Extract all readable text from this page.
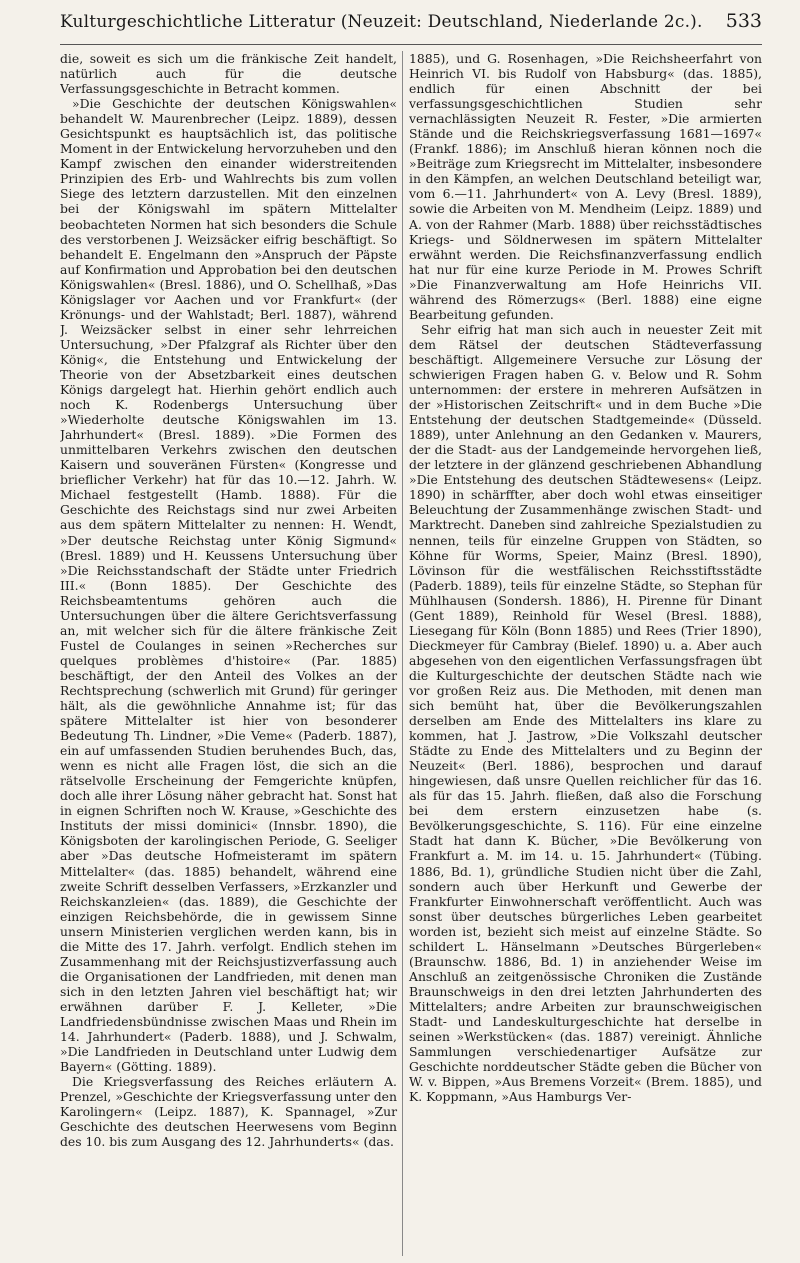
Kulturgeschichtliche Litteratur (Neuzeit: Deutschland, Niederlande 2c.). 533

die, soweit es sich um die fränkische Zeit handelt, natürlich auch für die deutsche Verfassungsgeschichte in Betracht kommen.

»Die Geschichte der deutschen Königswahlen« behandelt W. Maurenbrecher (Leipz. 1889), dessen Gesichtspunkt es hauptsächlich ist, das politische Moment in der Entwickelung hervorzuheben und den Kampf zwischen den einander widerstreitenden Prinzipien des Erb- und Wahlrechts bis zum vollen Siege des letztern darzustellen. Mit den einzelnen bei der Königswahl im spätern Mittelalter beobachteten Normen hat sich besonders die Schule des verstorbenen J. Weizsäcker eifrig beschäftigt. So behandelt E. Engelmann den »Anspruch der Päpste auf Konfirmation und Approbation bei den deutschen Königswahlen« (Bresl. 1886), und O. Schellhaß, »Das Königslager vor Aachen und vor Frankfurt« (der Krönungs- und der Wahlstadt; Berl. 1887), während J. Weizsäcker selbst in einer sehr lehrreichen Untersuchung, »Der Pfalzgraf als Richter über den König«, die Entstehung und Entwickelung der Theorie von der Absetzbarkeit eines deutschen Königs dargelegt hat. Hierhin gehört endlich auch noch K. Rodenbergs Untersuchung über »Wiederholte deutsche Königswahlen im 13. Jahrhundert« (Bresl. 1889). »Die Formen des unmittelbaren Verkehrs zwischen den deutschen Kaisern und souveränen Fürsten« (Kongresse und brieflicher Verkehr) hat für das 10.—12. Jahrh. W. Michael festgestellt (Hamb. 1888). Für die Geschichte des Reichstags sind nur zwei Arbeiten aus dem spätern Mittelalter zu nennen: H. Wendt, »Der deutsche Reichstag unter König Sigmund« (Bresl. 1889) und H. Keussens Untersuchung über »Die Reichsstandschaft der Städte unter Friedrich III.« (Bonn 1885). Der Geschichte des Reichsbeamtentums gehören auch die Untersuchungen über die ältere Gerichtsverfassung an, mit welcher sich für die ältere fränkische Zeit Fustel de Coulanges in seinen »Recherches sur quelques problèmes d'histoire« (Par. 1885) beschäftigt, der den Anteil des Volkes an der Rechtsprechung (schwerlich mit Grund) für geringer hält, als die gewöhnliche Annahme ist; für das spätere Mittelalter ist hier von besonderer Bedeutung Th. Lindner, »Die Veme« (Paderb. 1887), ein auf umfassenden Studien beruhendes Buch, das, wenn es nicht alle Fragen löst, die sich an die rätselvolle Erscheinung der Femgerichte knüpfen, doch alle ihrer Lösung näher gebracht hat. Sonst hat in eignen Schriften noch W. Krause, »Geschichte des Instituts der missi dominici« (Innsbr. 1890), die Königsboten der karolingischen Periode, G. Seeliger aber »Das deutsche Hofmeisteramt im spätern Mittelalter« (das. 1885) behandelt, während eine zweite Schrift desselben Verfassers, »Erzkanzler und Reichskanzleien« (das. 1889), die Geschichte der einzigen Reichsbehörde, die in gewissem Sinne unsern Ministerien verglichen werden kann, bis in die Mitte des 17. Jahrh. verfolgt. Endlich stehen im Zusammenhang mit der Reichsjustizverfassung auch die Organisationen der Landfrieden, mit denen man sich in den letzten Jahren viel beschäftigt hat; wir erwähnen darüber F. J. Kelleter, »Die Landfriedensbündnisse zwischen Maas und Rhein im 14. Jahrhundert« (Paderb. 1888), und J. Schwalm, »Die Landfrieden in Deutschland unter Ludwig dem Bayern« (Götting. 1889).

Die Kriegsverfassung des Reiches erläutern A. Prenzel, »Geschichte der Kriegsverfassung unter den Karolingern« (Leipz. 1887), K. Spannagel, »Zur Geschichte des deutschen Heerwesens vom Beginn des 10. bis zum Ausgang des 12. Jahrhunderts« (das.

1885), und G. Rosenhagen, »Die Reichsheerfahrt von Heinrich VI. bis Rudolf von Habsburg« (das. 1885), endlich für einen Abschnitt der bei verfassungsgeschichtlichen Studien sehr vernachlässigten Neuzeit R. Fester, »Die armierten Stände und die Reichskriegsverfassung 1681—1697« (Frankf. 1886); im Anschluß hieran können noch die »Beiträge zum Kriegsrecht im Mittelalter, insbesondere in den Kämpfen, an welchen Deutschland beteiligt war, vom 6.—11. Jahrhundert« von A. Levy (Bresl. 1889), sowie die Arbeiten von M. Mendheim (Leipz. 1889) und A. von der Rahmer (Marb. 1888) über reichsstädtisches Kriegs- und Söldnerwesen im spätern Mittelalter erwähnt werden. Die Reichsfinanzverfassung endlich hat nur für eine kurze Periode in M. Prowes Schrift »Die Finanzverwaltung am Hofe Heinrichs VII. während des Römerzugs« (Berl. 1888) eine eigne Bearbeitung gefunden.

Sehr eifrig hat man sich auch in neuester Zeit mit dem Rätsel der deutschen Städteverfassung beschäftigt. Allgemeinere Versuche zur Lösung der schwierigen Fragen haben G. v. Below und R. Sohm unternommen: der erstere in mehreren Aufsätzen in der »Historischen Zeitschrift« und in dem Buche »Die Entstehung der deutschen Stadtgemeinde« (Düsseld. 1889), unter Anlehnung an den Gedanken v. Maurers, der die Stadt- aus der Landgemeinde hervorgehen ließ, der letztere in der glänzend geschriebenen Abhandlung »Die Entstehung des deutschen Städtewesens« (Leipz. 1890) in schärffter, aber doch wohl etwas einseitiger Beleuchtung der Zusammenhänge zwischen Stadt- und Marktrecht. Daneben sind zahlreiche Spezialstudien zu nennen, teils für einzelne Gruppen von Städten, so Köhne für Worms, Speier, Mainz (Bresl. 1890), Lövinson für die westfälischen Reichsstiftsstädte (Paderb. 1889), teils für einzelne Städte, so Stephan für Mühlhausen (Sondersh. 1886), H. Pirenne für Dinant (Gent 1889), Reinhold für Wesel (Bresl. 1888), Liesegang für Köln (Bonn 1885) und Rees (Trier 1890), Dieckmeyer für Cambray (Bielef. 1890) u. a. Aber auch abgesehen von den eigentlichen Verfassungsfragen übt die Kulturgeschichte der deutschen Städte nach wie vor großen Reiz aus. Die Methoden, mit denen man sich bemüht hat, über die Bevölkerungszahlen derselben am Ende des Mittelalters ins klare zu kommen, hat J. Jastrow, »Die Volkszahl deutscher Städte zu Ende des Mittelalters und zu Beginn der Neuzeit« (Berl. 1886), besprochen und darauf hingewiesen, daß unsre Quellen reichlicher für das 16. als für das 15. Jahrh. fließen, daß also die Forschung bei dem erstern einzusetzen habe (s. Bevölkerungsgeschichte, S. 116). Für eine einzelne Stadt hat dann K. Bücher, »Die Bevölkerung von Frankfurt a. M. im 14. u. 15. Jahrhundert« (Tübing. 1886, Bd. 1), gründliche Studien nicht über die Zahl, sondern auch über Herkunft und Gewerbe der Frankfurter Einwohnerschaft veröffentlicht. Auch was sonst über deutsches bürgerliches Leben gearbeitet worden ist, bezieht sich meist auf einzelne Städte. So schildert L. Hänselmann »Deutsches Bürgerleben« (Braunschw. 1886, Bd. 1) in anziehender Weise im Anschluß an zeitgenössische Chroniken die Zustände Braunschweigs in den drei letzten Jahrhunderten des Mittelalters; andre Arbeiten zur braunschweigischen Stadt- und Landeskulturgeschichte hat derselbe in seinen »Werkstücken« (das. 1887) vereinigt. Ähnliche Sammlungen verschiedenartiger Aufsätze zur Geschichte norddeutscher Städte geben die Bücher von W. v. Bippen, »Aus Bremens Vorzeit« (Brem. 1885), und K. Koppmann, »Aus Hamburgs Ver-
